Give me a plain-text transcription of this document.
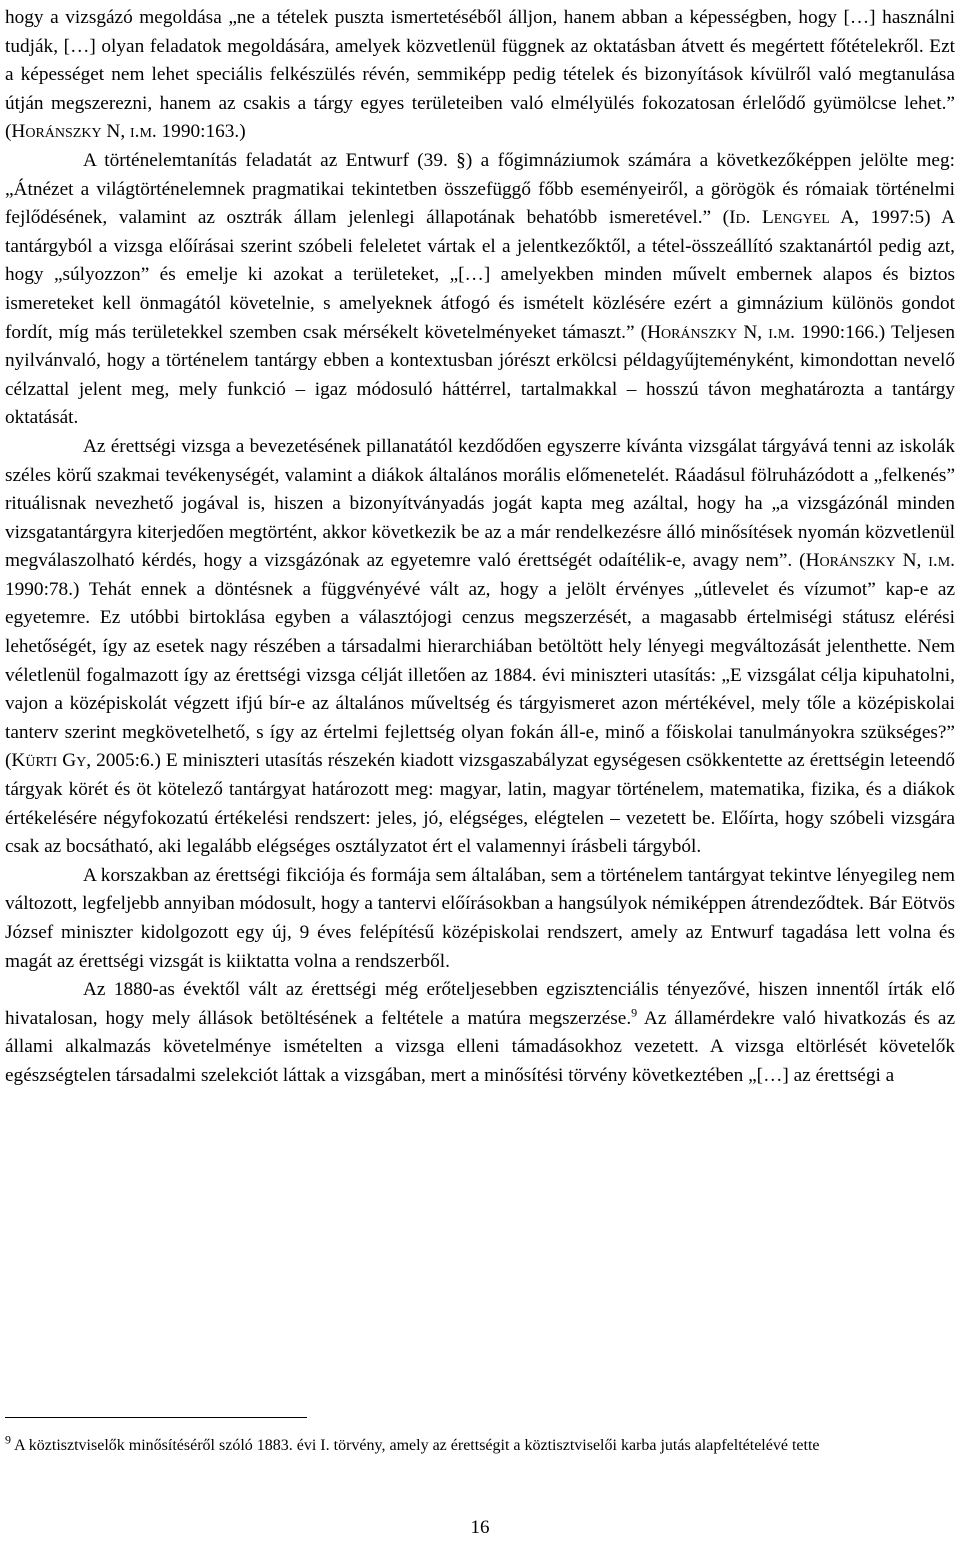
hogy a vizsgázó megoldása „ne a tételek puszta ismertetéséből álljon, hanem abban a képességben, hogy […] használni tudják, […] olyan feladatok megoldására, amelyek közvetlenül függnek az oktatásban átvett és megértett főtételekről. Ezt a képességet nem lehet speciális felkészülés révén, semmiképp pedig tételek és bizonyítások kívülről való megtanulása útján megszerezni, hanem az csakis a tárgy egyes területeiben való elmélyülés fokozatosan érlelődő gyümölcse lehet.” (Horánszky N, i.m. 1990:163.)

A történelemtanítás feladatát az Entwurf (39. §) a főgimnáziumok számára a következőképpen jelölte meg: „Átnézet a világtörténelemnek pragmatikai tekintetben összefüggő főbb eseményeiről, a görögök és rómaiak történelmi fejlődésének, valamint az osztrák állam jelenlegi állapotának behatóbb ismeretével.” (Id. Lengyel A, 1997:5) A tantárgyból a vizsga előírásai szerint szóbeli feleletet vártak el a jelentkezőktől, a tétel-összeállító szaktanártól pedig azt, hogy „súlyozzon” és emelje ki azokat a területeket, „[…] amelyekben minden művelt embernek alapos és biztos ismereteket kell önmagától követelnie, s amelyeknek átfogó és ismételt közlésére ezért a gimnázium különös gondot fordít, míg más területekkel szemben csak mérsékelt követelményeket támaszt.” (Horánszky N, i.m. 1990:166.) Teljesen nyilvánvaló, hogy a történelem tantárgy ebben a kontextusban jórészt erkölcsi példagyűjteményként, kimondottan nevelő célzattal jelent meg, mely funkció – igaz módosuló háttérrel, tartalmakkal – hosszú távon meghatározta a tantárgy oktatását.

Az érettségi vizsga a bevezetésének pillanatától kezdődően egyszerre kívánta vizsgálat tárgyává tenni az iskolák széles körű szakmai tevékenységét, valamint a diákok általános morális előmenetelét. Ráadásul fölruházódott a „felkenés” rituálisnak nevezhető jogával is, hiszen a bizonyítványadás jogát kapta meg azáltal, hogy ha „a vizsgázónál minden vizsgatantárgyra kiterjedően megtörtént, akkor következik be az a már rendelkezésre álló minősítések nyomán közvetlenül megválaszolható kérdés, hogy a vizsgázónak az egyetemre való érettségét odaítélik-e, avagy nem”. (Horánszky N, i.m. 1990:78.) Tehát ennek a döntésnek a függvényévé vált az, hogy a jelölt érvényes „útlevelet és vízumot” kap-e az egyetemre. Ez utóbbi birtoklása egyben a választójogi cenzus megszerzését, a magasabb értelmiségi státusz elérési lehetőségét, így az esetek nagy részében a társadalmi hierarchiában betöltött hely lényegi megváltozását jelenthette. Nem véletlenül fogalmazott így az érettségi vizsga célját illetően az 1884. évi miniszteri utasítás: „E vizsgálat célja kipuhatolni, vajon a középiskolát végzett ifjú bír-e az általános műveltség és tárgyismeret azon mértékével, mely tőle a középiskolai tanterv szerint megkövetelhető, s így az értelmi fejlettség olyan fokán áll-e, minő a főiskolai tanulmányokra szükséges?” (Kürti Gy, 2005:6.) E miniszteri utasítás részekén kiadott vizsgaszabályzat egységesen csökkentette az érettségin leteendő tárgyak körét és öt kötelező tantárgyat határozott meg: magyar, latin, magyar történelem, matematika, fizika, és a diákok értékelésére négyfokozatú értékelési rendszert: jeles, jó, elégséges, elégtelen – vezetett be. Előírta, hogy szóbeli vizsgára csak az bocsátható, aki legalább elégséges osztályzatot ért el valamennyi írásbeli tárgyból.

A korszakban az érettségi fikciója és formája sem általában, sem a történelem tantárgyat tekintve lényegileg nem változott, legfeljebb annyiban módosult, hogy a tantervi előírásokban a hangsúlyok némiképpen átrendeződtek. Bár Eötvös József miniszter kidolgozott egy új, 9 éves felépítésű középiskolai rendszert, amely az Entwurf tagadása lett volna és magát az érettségi vizsgát is kiiktatta volna a rendszerből.

Az 1880-as évektől vált az érettségi még erőteljesebben egzisztenciális tényezővé, hiszen innentől írták elő hivatalosan, hogy mely állások betöltésének a feltétele a matúra megszerzése.$^9$ Az államérdekre való hivatkozás és az állami alkalmazás követelménye ismételten a vizsga elleni támadásokhoz vezetett. A vizsga eltörlését követelők egészségtelen társadalmi szelekciót láttak a vizsgában, mert a minősítési törvény következtében „[…] az érettségi a

$^9$ A köztisztviselők minősítéséről szóló 1883. évi I. törvény, amely az érettségit a köztisztviselői karba jutás alapfeltételévé tette
16
